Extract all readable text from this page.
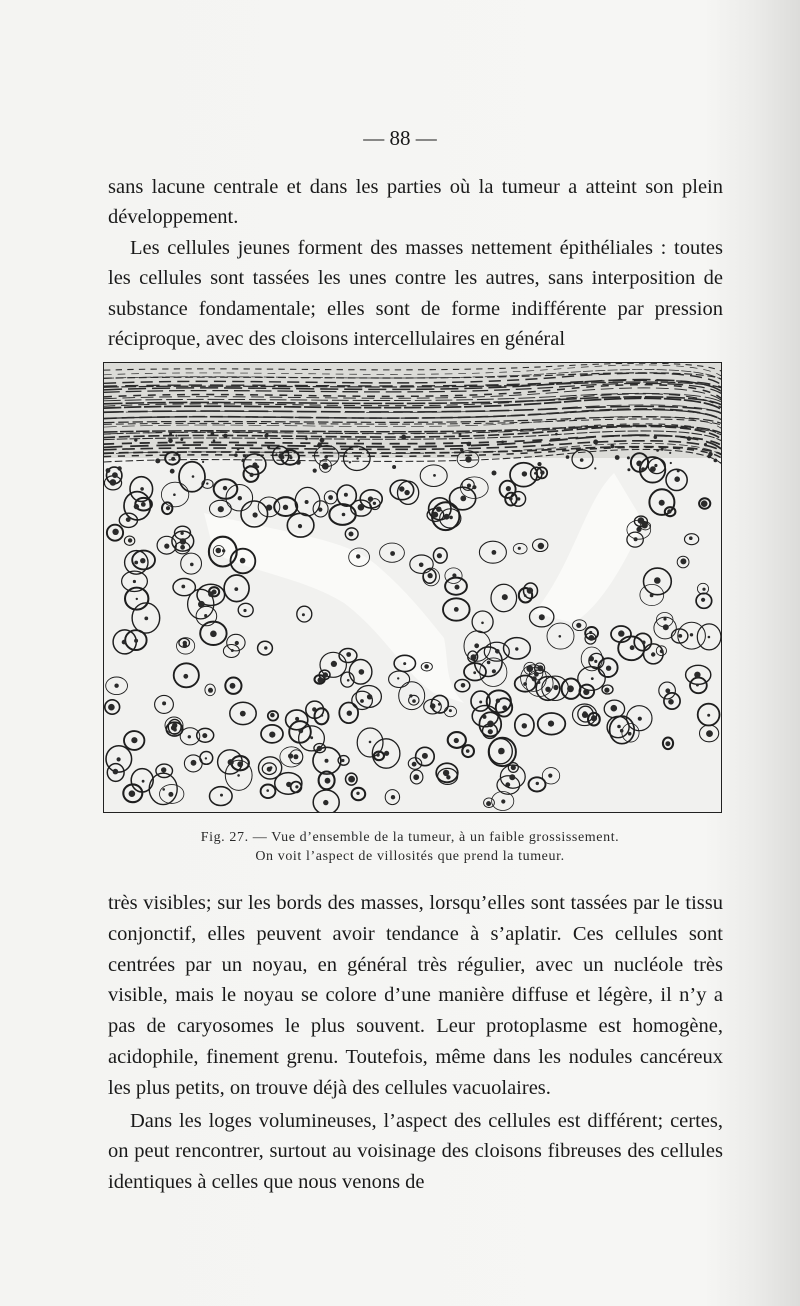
— 88 —

sans lacune centrale et dans les parties où la tumeur a atteint son plein développement.

Les cellules jeunes forment des masses nettement épithéliales : toutes les cellules sont tassées les unes contre les autres, sans interposition de substance fondamentale; elles sont de forme indifférente par pression réciproque, avec des cloisons intercellulaires en général

Fig. 27. — Vue d’ensemble de la tumeur, à un faible grossissement.
On voit l’aspect de villosités que prend la tumeur.

très visibles; sur les bords des masses, lorsqu’elles sont tassées par le tissu conjonctif, elles peuvent avoir tendance à s’aplatir. Ces cellules sont centrées par un noyau, en général très régulier, avec un nucléole très visible, mais le noyau se colore d’une manière diffuse et légère, il n’y a pas de caryosomes le plus souvent. Leur protoplasme est homogène, acidophile, finement grenu. Toutefois, même dans les nodules cancéreux les plus petits, on trouve déjà des cellules vacuolaires.

Dans les loges volumineuses, l’aspect des cellules est différent; certes, on peut rencontrer, surtout au voisinage des cloisons fibreuses des cellules identiques à celles que nous venons de
